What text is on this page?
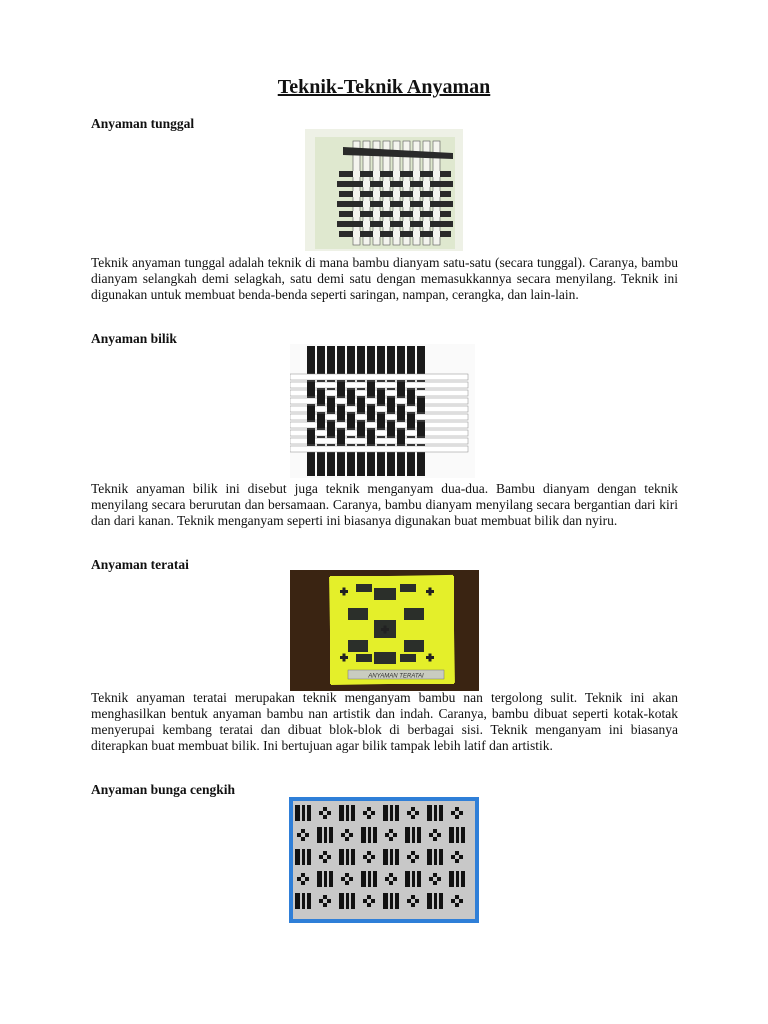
Teknik-Teknik Anyaman
Anyaman tunggal
Teknik anyaman tunggal adalah teknik di mana bambu dianyam satu-satu (secara tunggal). Caranya, bambu dianyam selangkah demi selagkah, satu demi satu dengan memasukkannya secara menyilang. Teknik ini digunakan untuk membuat benda-benda seperti saringan, nampan, cerangka, dan lain-lain.
Anyaman bilik
Teknik anyaman bilik ini disebut juga teknik menganyam dua-dua. Bambu dianyam dengan teknik menyilang secara berurutan dan bersamaan. Caranya, bambu dianyam menyilang secara bergantian dari kiri dan dari kanan. Teknik menganyam seperti ini biasanya digunakan buat membuat bilik dan nyiru.
Anyaman teratai
ANYAMAN TERATAI
Teknik anyaman teratai merupakan teknik menganyam bambu nan tergolong sulit. Teknik ini akan menghasilkan bentuk anyaman bambu nan artistik dan indah. Caranya, bambu dibuat seperti kotak-kotak menyerupai kembang teratai dan dibuat blok-blok di berbagai sisi. Teknik menganyam ini biasanya diterapkan buat membuat bilik. Ini bertujuan agar bilik tampak lebih latif dan artistik.
Anyaman bunga cengkih
